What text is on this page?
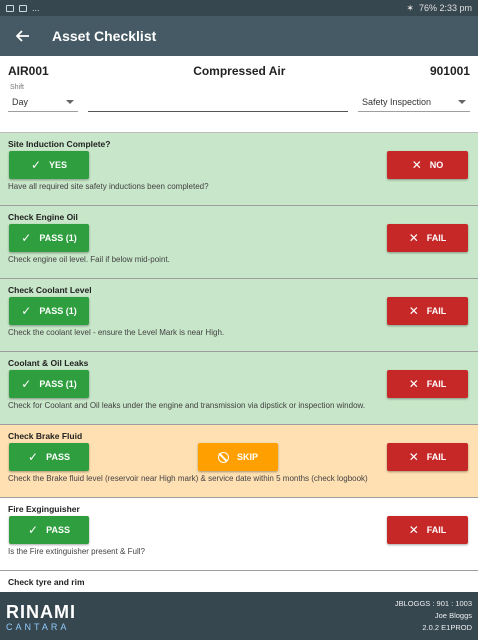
...	✶ 76% 2:33 pm
Asset Checklist
AIR001	Compressed Air	901001
Shift
Day	Safety Inspection
Site Induction Complete?
✓ YES	✕ NO
Have all required site safety inductions been completed?
Check Engine Oil
✓ PASS (1)	✕ FAIL
Check engine oil level. Fail if below mid-point.
Check Coolant Level
✓ PASS (1)	✕ FAIL
Check the coolant level - ensure the Level Mark is near High.
Coolant & Oil Leaks
✓ PASS (1)	✕ FAIL
Check for Coolant and Oil leaks under the engine and transmission via dipstick or inspection window.
Check Brake Fluid
✓ PASS	SKIP	✕ FAIL
Check the Brake fluid level (reservoir near High mark) & service date within 5 months (check logbook)
Fire Exginguisher
✓ PASS	✕ FAIL
Is the Fire extinguisher present & Full?
Check tyre and rim
RINAMI
CANTARA
JBLOGGS : 901 : 1003
Joe Bloggs
2.0.2 E1PROD
